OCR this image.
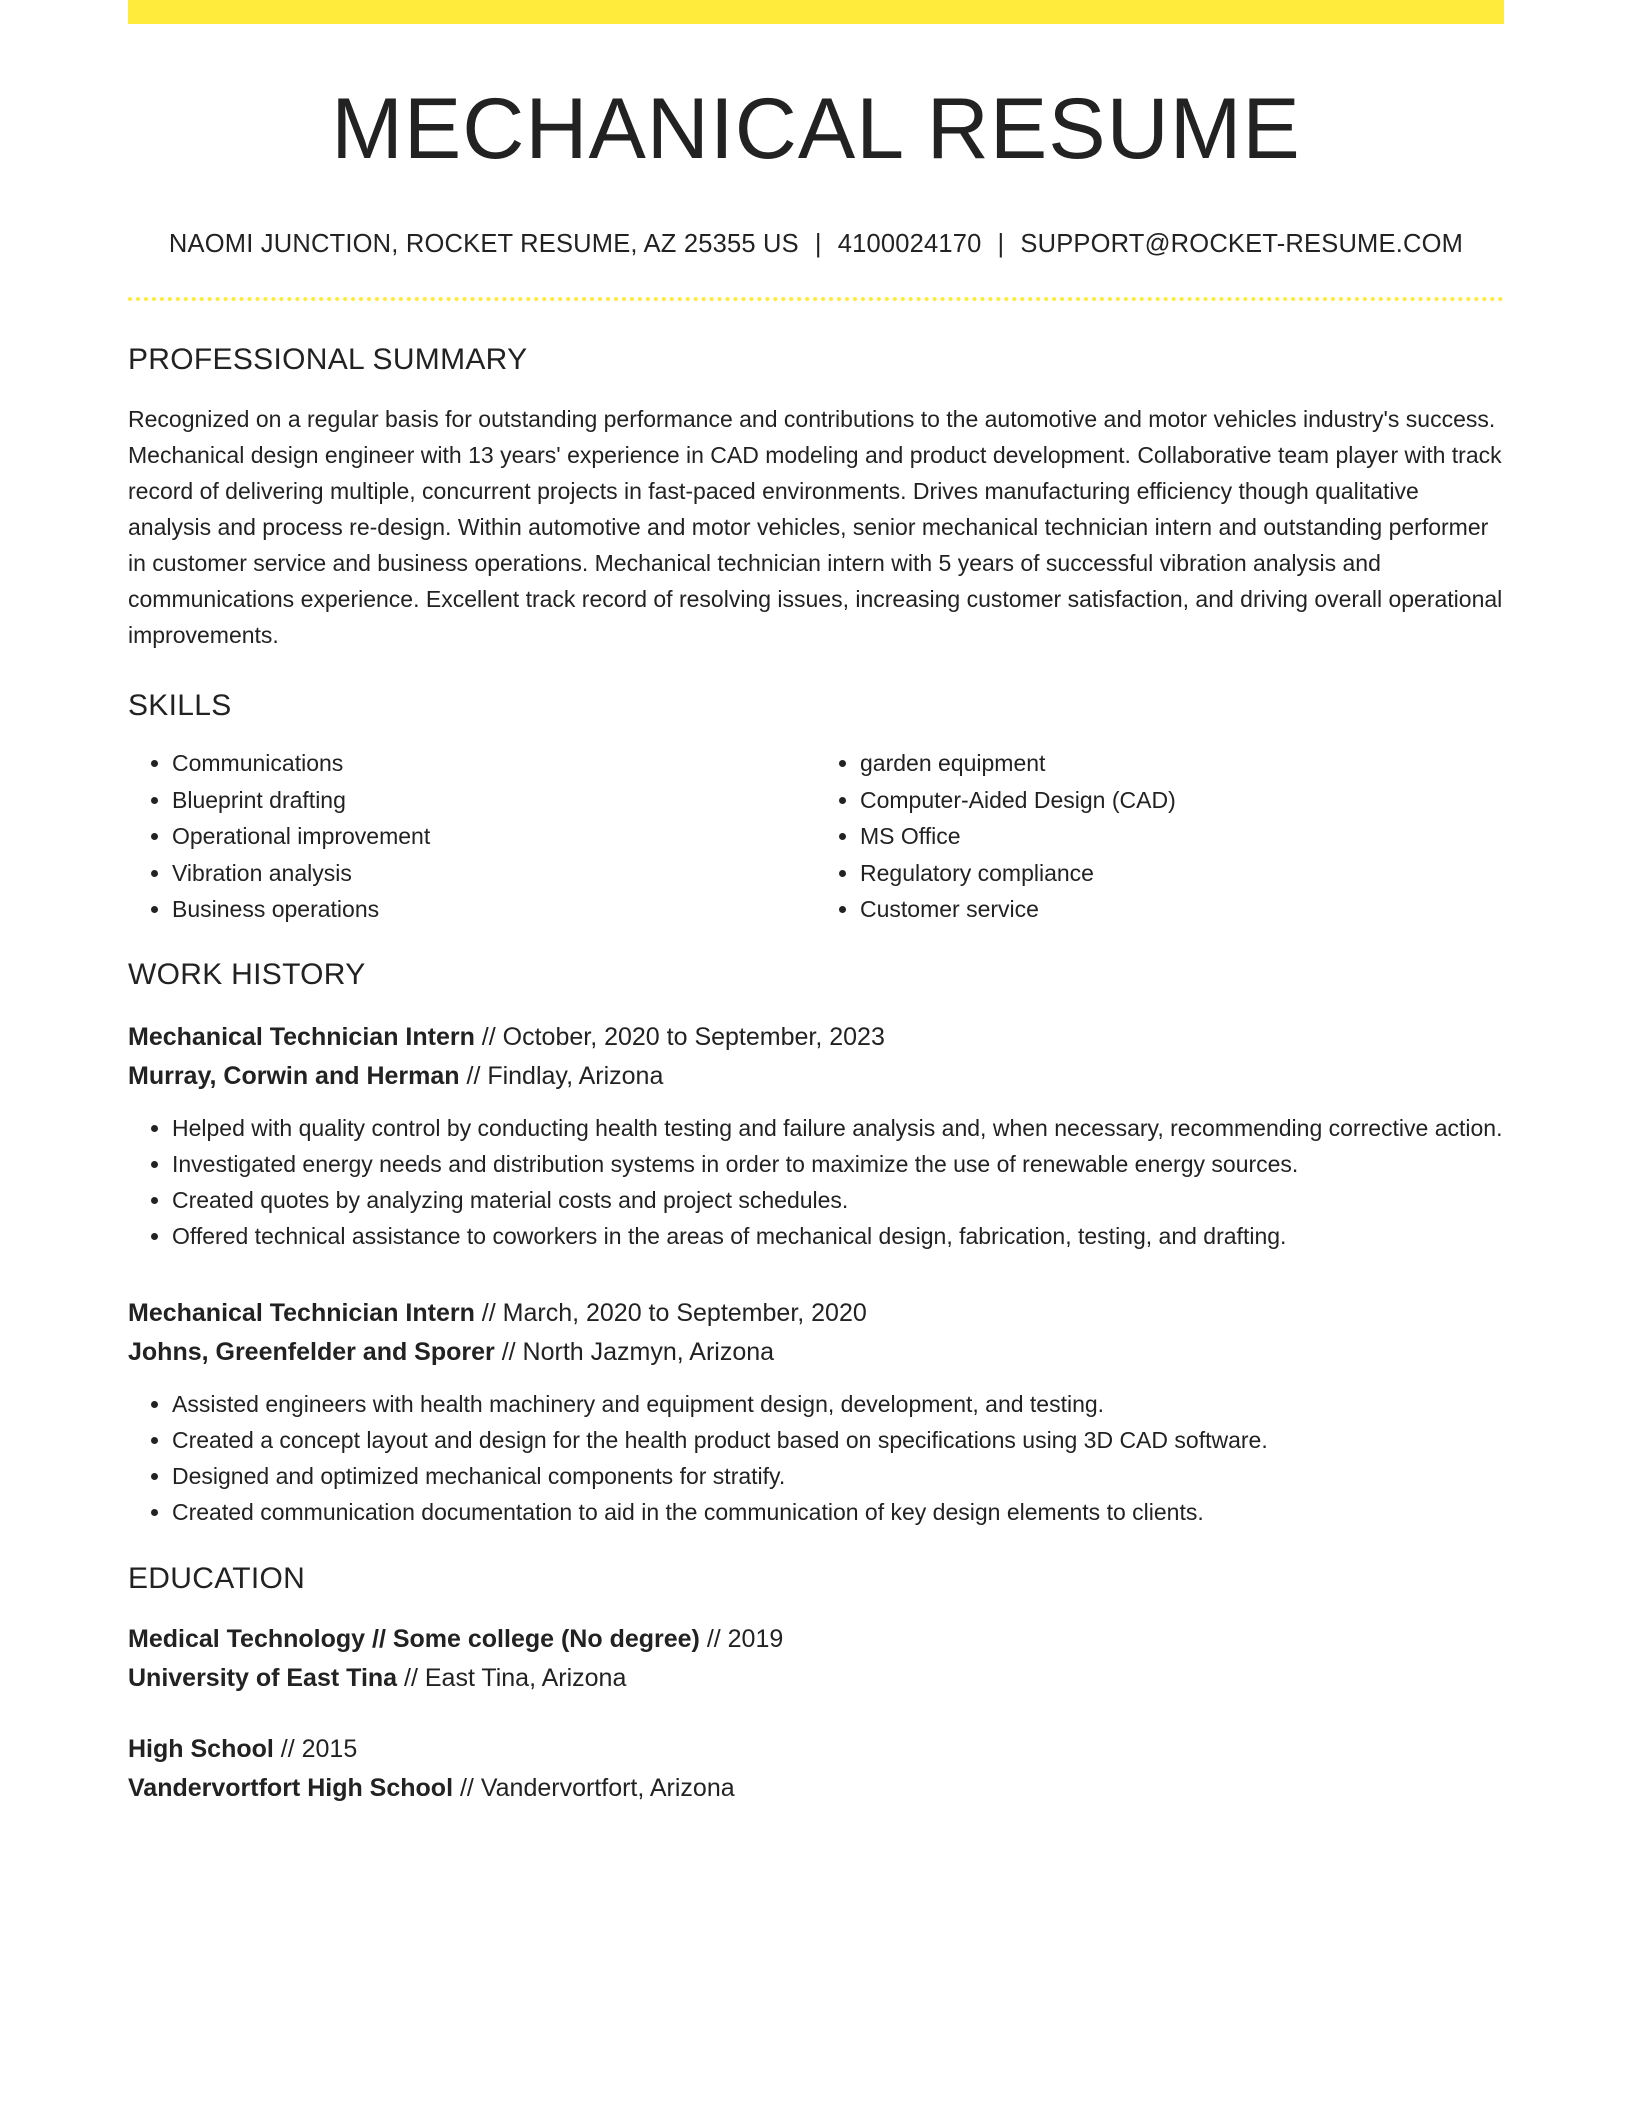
MECHANICAL RESUME
NAOMI JUNCTION, ROCKET RESUME, AZ 25355 US | 4100024170 | SUPPORT@ROCKET-RESUME.COM
PROFESSIONAL SUMMARY

Recognized on a regular basis for outstanding performance and contributions to the automotive and motor vehicles industry's success. Mechanical design engineer with 13 years' experience in CAD modeling and product development. Collaborative team player with track record of delivering multiple, concurrent projects in fast-paced environments. Drives manufacturing efficiency though qualitative analysis and process re-design. Within automotive and motor vehicles, senior mechanical technician intern and outstanding performer in customer service and business operations. Mechanical technician intern with 5 years of successful vibration analysis and communications experience. Excellent track record of resolving issues, increasing customer satisfaction, and driving overall operational improvements.

SKILLS
• Communications
• Blueprint drafting
• Operational improvement
• Vibration analysis
• Business operations
• garden equipment
• Computer-Aided Design (CAD)
• MS Office
• Regulatory compliance
• Customer service
WORK HISTORY
Mechanical Technician Intern // October, 2020 to September, 2023
Murray, Corwin and Herman // Findlay, Arizona
• Helped with quality control by conducting health testing and failure analysis and, when necessary, recommending corrective action.
• Investigated energy needs and distribution systems in order to maximize the use of renewable energy sources.
• Created quotes by analyzing material costs and project schedules.
• Offered technical assistance to coworkers in the areas of mechanical design, fabrication, testing, and drafting.
Mechanical Technician Intern // March, 2020 to September, 2020
Johns, Greenfelder and Sporer // North Jazmyn, Arizona
• Assisted engineers with health machinery and equipment design, development, and testing.
• Created a concept layout and design for the health product based on specifications using 3D CAD software.
• Designed and optimized mechanical components for stratify.
• Created communication documentation to aid in the communication of key design elements to clients.
EDUCATION
Medical Technology // Some college (No degree) // 2019
University of East Tina // East Tina, Arizona
High School // 2015
Vandervortfort High School // Vandervortfort, Arizona
